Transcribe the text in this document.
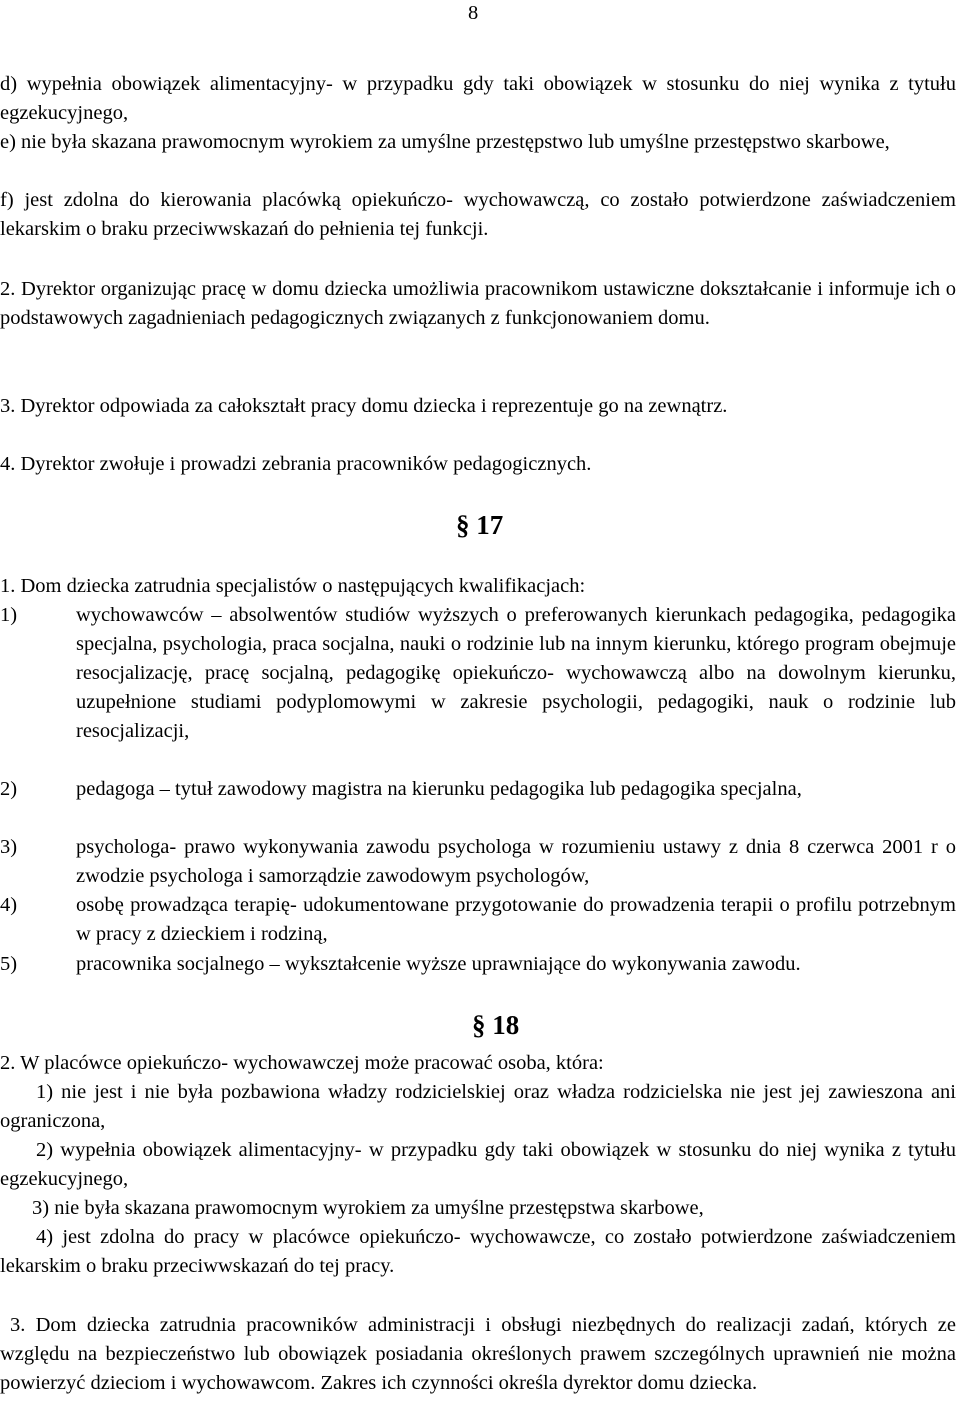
8
d) wypełnia obowiązek alimentacyjny- w przypadku gdy taki obowiązek w stosunku do niej wynika z tytułu egzekucyjnego,
e) nie była skazana prawomocnym wyrokiem za umyślne przestępstwo lub umyślne przestępstwo skarbowe,
f) jest zdolna do kierowania placówką opiekuńczo- wychowawczą, co zostało potwierdzone zaświadczeniem lekarskim o braku przeciwwskazań do pełnienia tej funkcji.
2. Dyrektor organizując pracę w domu dziecka umożliwia pracownikom ustawiczne dokształcanie i informuje ich o podstawowych zagadnieniach pedagogicznych związanych z funkcjonowaniem domu.
3. Dyrektor odpowiada za całokształt pracy domu dziecka i reprezentuje go na zewnątrz.
4. Dyrektor zwołuje i prowadzi zebrania pracowników pedagogicznych.
§ 17
1. Dom dziecka zatrudnia specjalistów o następujących kwalifikacjach:
1)	wychowawców – absolwentów studiów wyższych o preferowanych kierunkach pedagogika, pedagogika specjalna, psychologia, praca socjalna, nauki o rodzinie lub na innym kierunku, którego program obejmuje resocjalizację, pracę socjalną, pedagogikę opiekuńczo- wychowawczą albo na dowolnym kierunku, uzupełnione studiami podyplomowymi w zakresie psychologii, pedagogiki, nauk o rodzinie lub resocjalizacji,
2)	pedagoga – tytuł zawodowy magistra na kierunku pedagogika lub pedagogika specjalna,
3)	psychologa- prawo wykonywania zawodu psychologa w rozumieniu ustawy z dnia 8 czerwca 2001 r o zwodzie psychologa i samorządzie zawodowym psychologów,
4)	osobę prowadząca terapię- udokumentowane przygotowanie do prowadzenia terapii o profilu potrzebnym w pracy z dzieckiem i rodziną,
5)	pracownika socjalnego – wykształcenie wyższe uprawniające do wykonywania zawodu.
§ 18
2. W placówce opiekuńczo- wychowawczej może pracować osoba, która:
1) nie jest i nie była pozbawiona władzy rodzicielskiej oraz władza rodzicielska nie jest jej zawieszona ani ograniczona,
2) wypełnia obowiązek alimentacyjny- w przypadku gdy taki obowiązek w stosunku do niej wynika z tytułu egzekucyjnego,
3) nie była skazana prawomocnym wyrokiem za umyślne przestępstwa skarbowe,
4) jest zdolna do pracy w placówce opiekuńczo- wychowawcze, co zostało potwierdzone zaświadczeniem lekarskim o braku przeciwwskazań do tej pracy.
3. Dom dziecka zatrudnia pracowników administracji i obsługi niezbędnych do realizacji zadań, których ze względu na bezpieczeństwo lub obowiązek posiadania określonych prawem szczególnych uprawnień nie można powierzyć dzieciom i wychowawcom. Zakres ich czynności określa dyrektor domu dziecka.
